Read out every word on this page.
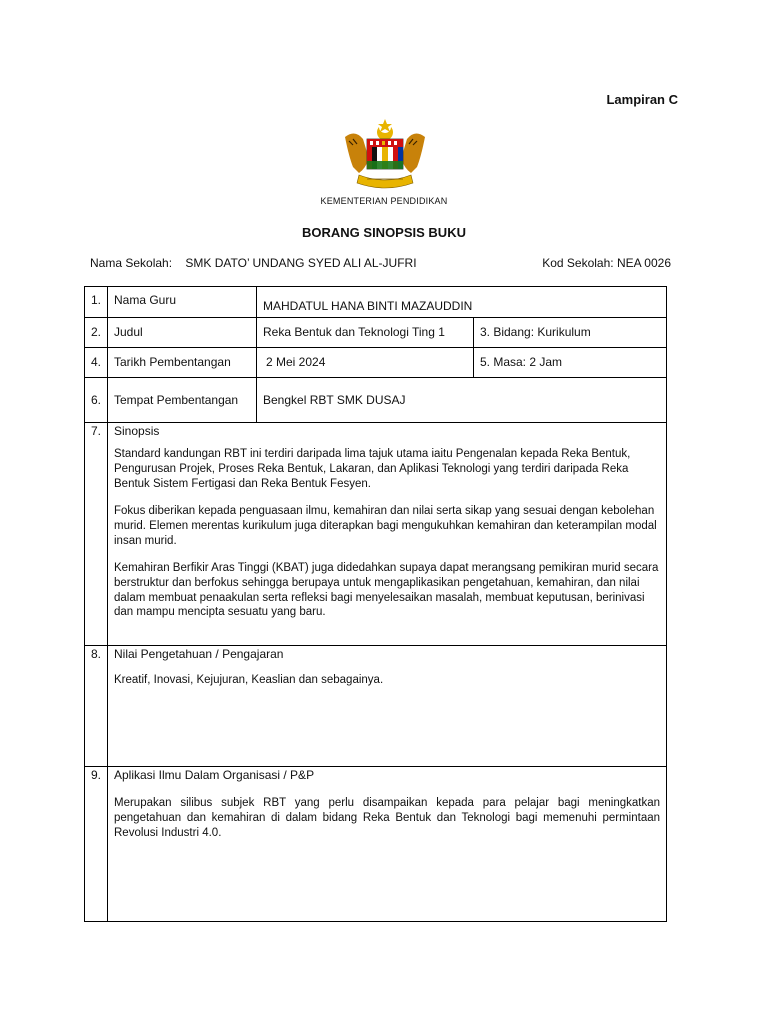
Lampiran C
KEMENTERIAN PENDIDIKAN
BORANG SINOPSIS BUKU
Nama Sekolah: SMK DATO’ UNDANG SYED ALI AL-JUFRI	Kod Sekolah: NEA 0026
1.	Nama Guru	MAHDATUL HANA BINTI MAZAUDDIN	
2.	Judul	Reka Bentuk dan Teknologi Ting 1	3. Bidang: Kurikulum
4.	Tarikh Pembentangan	2 Mei 2024	5. Masa: 2 Jam
6.	Tempat Pembentangan	Bengkel RBT SMK DUSAJ	
7.	Sinopsis

Standard kandungan RBT ini terdiri daripada lima tajuk utama iaitu Pengenalan kepada Reka Bentuk, Pengurusan Projek, Proses Reka Bentuk, Lakaran, dan Aplikasi Teknologi yang terdiri daripada Reka Bentuk Sistem Fertigasi dan Reka Bentuk Fesyen.

Fokus diberikan kepada penguasaan ilmu, kemahiran dan nilai serta sikap yang sesuai dengan kebolehan murid. Elemen merentas kurikulum juga diterapkan bagi mengukuhkan kemahiran dan keterampilan modal insan murid.

Kemahiran Berfikir Aras Tinggi (KBAT) juga didedahkan supaya dapat merangsang pemikiran murid secara berstruktur dan berfokus sehingga berupaya untuk mengaplikasikan pengetahuan, kemahiran, dan nilai dalam membuat penaakulan serta refleksi bagi menyelesaikan masalah, membuat keputusan, berinivasi dan mampu mencipta sesuatu yang baru.		

8.	Nilai Pengetahuan / Pengajaran

Kreatif, Inovasi, Kejujuran, Keaslian dan sebagainya.		

9.	Aplikasi Ilmu Dalam Organisasi / P&P

Merupakan silibus subjek RBT yang perlu disampaikan kepada para pelajar bagi meningkatkan pengetahuan dan kemahiran di dalam bidang Reka Bentuk dan Teknologi bagi memenuhi permintaan Revolusi Industri 4.0.		
